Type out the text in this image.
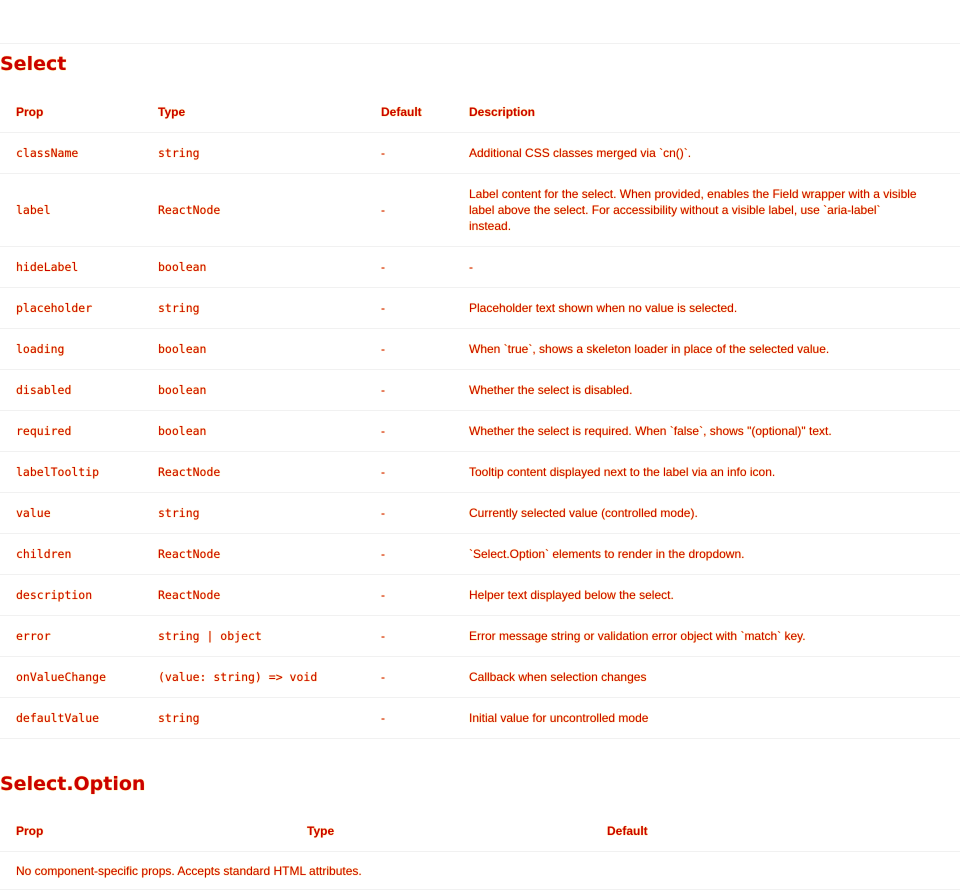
Select
Prop	Type	Default	Description
className	string	-	Additional CSS classes merged via `cn()`.
label	ReactNode	-	Label content for the select. When provided, enables the Field wrapper with a visible label above the select. For accessibility without a visible label, use `aria-label` instead.
hideLabel	boolean	-	-
placeholder	string	-	Placeholder text shown when no value is selected.
loading	boolean	-	When `true`, shows a skeleton loader in place of the selected value.
disabled	boolean	-	Whether the select is disabled.
required	boolean	-	Whether the select is required. When `false`, shows "(optional)" text.
labelTooltip	ReactNode	-	Tooltip content displayed next to the label via an info icon.
value	string	-	Currently selected value (controlled mode).
children	ReactNode	-	`Select.Option` elements to render in the dropdown.
description	ReactNode	-	Helper text displayed below the select.
error	string | object	-	Error message string or validation error object with `match` key.
onValueChange	(value: string) => void	-	Callback when selection changes
defaultValue	string	-	Initial value for uncontrolled mode
Select.Option
Prop	Type	Default
No component-specific props. Accepts standard HTML attributes.
